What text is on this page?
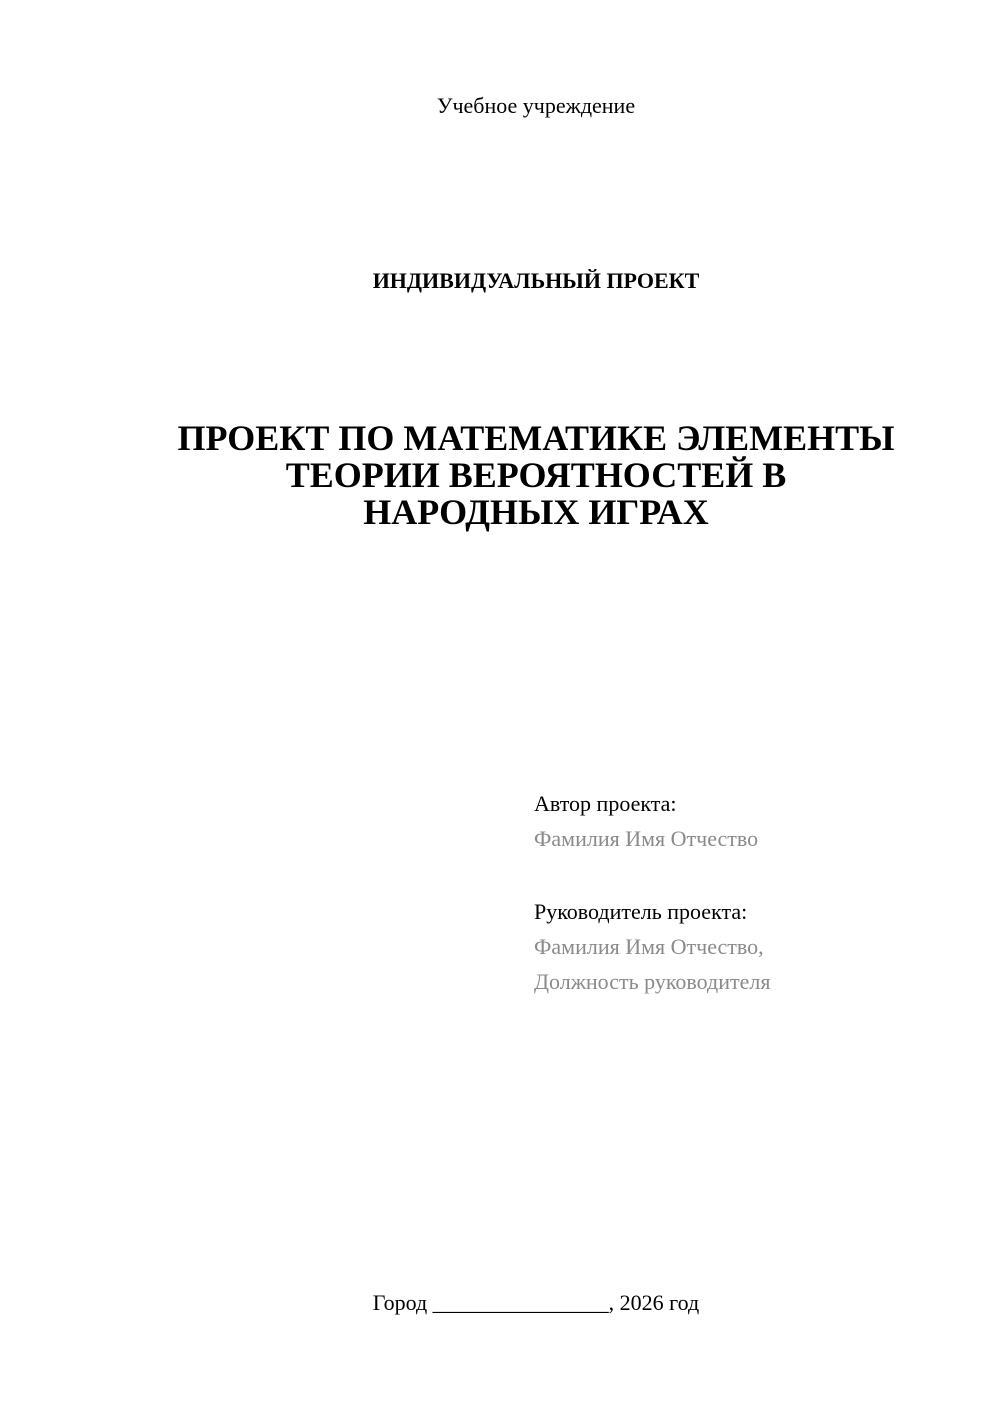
Учебное учреждение
ИНДИВИДУАЛЬНЫЙ ПРОЕКТ
ПРОЕКТ ПО МАТЕМАТИКЕ ЭЛЕМЕНТЫ
ТЕОРИИ ВЕРОЯТНОСТЕЙ В
НАРОДНЫХ ИГРАХ
Автор проекта:
Фамилия Имя Отчество
Руководитель проекта:
Фамилия Имя Отчество,
Должность руководителя
Город ________________, 2026 год
